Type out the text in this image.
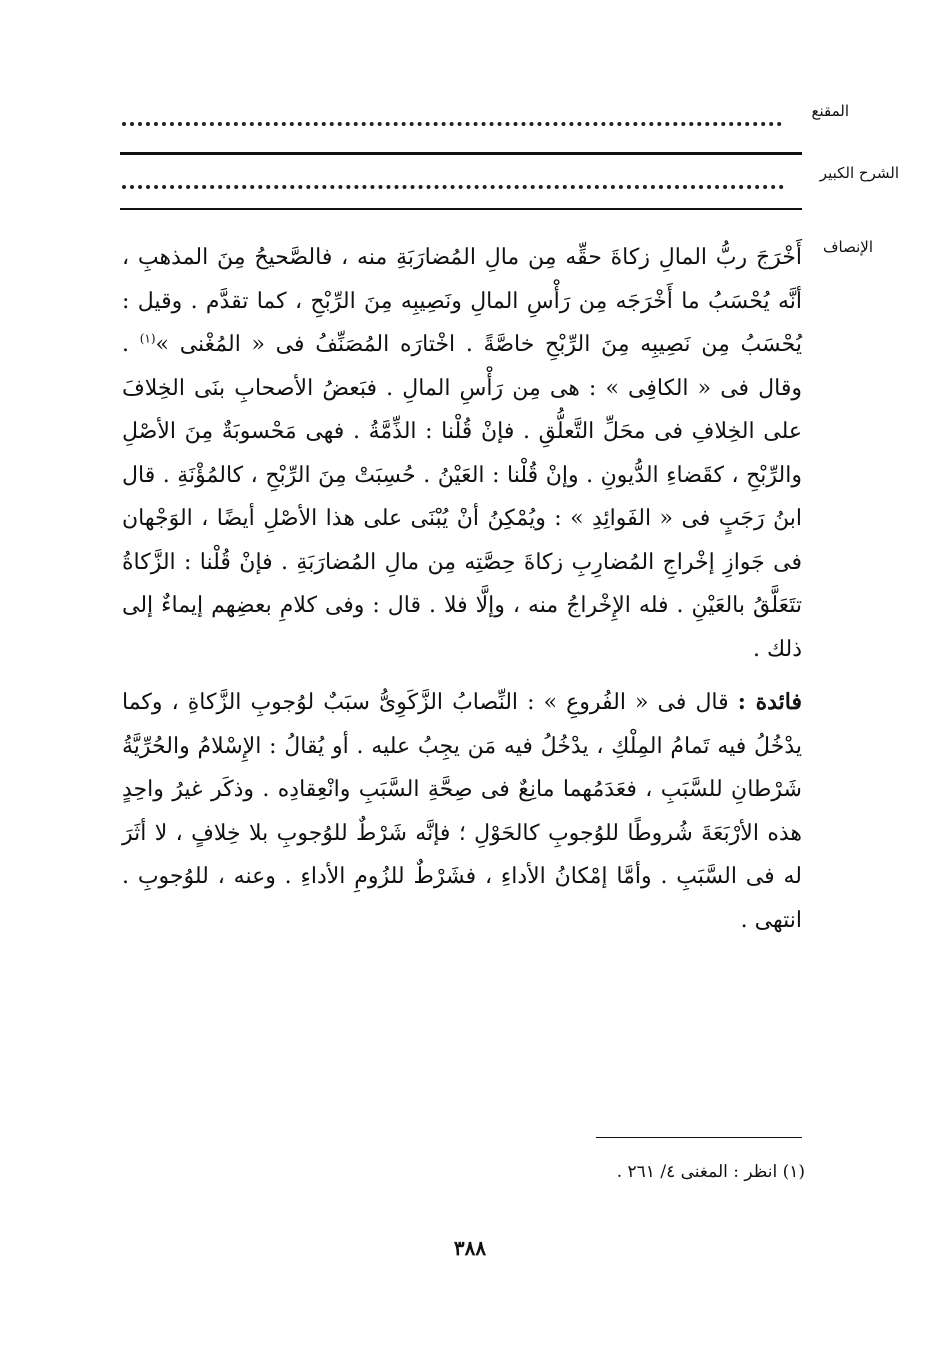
المقنع
الشرح الكبير
الإنصاف

أَخْرَجَ ربُّ المالِ زكاةَ حقِّه مِن مالِ المُضارَبَةِ منه ، فالصَّحيحُ مِنَ المذهبِ ، أنَّه يُحْسَبُ ما أَخْرَجَه مِن رَأْسِ المالِ ونَصِيبِه مِنَ الرِّبْحِ ، كما تقدَّم . وقيل : يُحْسَبُ مِن نَصِيبِه مِنَ الرِّبْحِ خاصَّةً . اخْتارَه المُصَنِّفُ فى « المُغْنى »$^{(١)}$ . وقال فى « الكافِى » : هى مِن رَأْسِ المالِ . فبَعضُ الأصحابِ بنَى الخِلافَ على الخِلافِ فى محَلِّ التَّعلُّقِ . فإنْ قُلْنا : الذِّمَّةُ . فهى مَحْسوبَةٌ مِنَ الأصْلِ والرِّبْحِ ، كقَضاءِ الدُّيونِ . وإنْ قُلْنا : العَيْنُ . حُسِبَتْ مِنَ الرِّبْحِ ، كالمُؤْنَةِ . قال ابنُ رَجَبٍ فى « الفَوائِدِ » : ويُمْكِنُ أنْ يُبْنَى على هذا الأصْلِ أيضًا ، الوَجْهان فى جَوازِ إخْراجِ المُضارِبِ زكاةَ حِصَّتِه مِن مالِ المُضارَبَةِ . فإنْ قُلْنا : الزَّكاةُ تتَعَلَّقُ بالعَيْنِ . فله الإِخْراجُ منه ، وإلَّا فلا . قال : وفى كلامِ بعضِهم إيماءٌ إلى ذلك .

فائدة : قال فى « الفُروعِ » : النِّصابُ الزَّكَوِىُّ سبَبٌ لوُجوبِ الزَّكاةِ ، وكما يدْخُلُ فيه تَمامُ المِلْكِ ، يدْخُلُ فيه مَن يجِبُ عليه . أو يُقالُ : الإِسْلامُ والحُرِّيَّةُ شَرْطانِ للسَّبَبِ ، فعَدَمُهما مانِعٌ فى صِحَّةِ السَّبَبِ وانْعِقادِه . وذكَر غيرُ واحِدٍ هذه الأرْبَعَةَ شُروطًا للوُجوبِ كالحَوْلِ ؛ فإنَّه شَرْطٌ للوُجوبِ بلا خِلافٍ ، لا أثَرَ له فى السَّبَبِ . وأمَّا إمْكانُ الأداءِ ، فشَرْطٌ للزُومِ الأداءِ . وعنه ، للوُجوبِ . انتهى .

(١) انظر : المغنى ٤/ ٢٦١ .
٣٨٨
